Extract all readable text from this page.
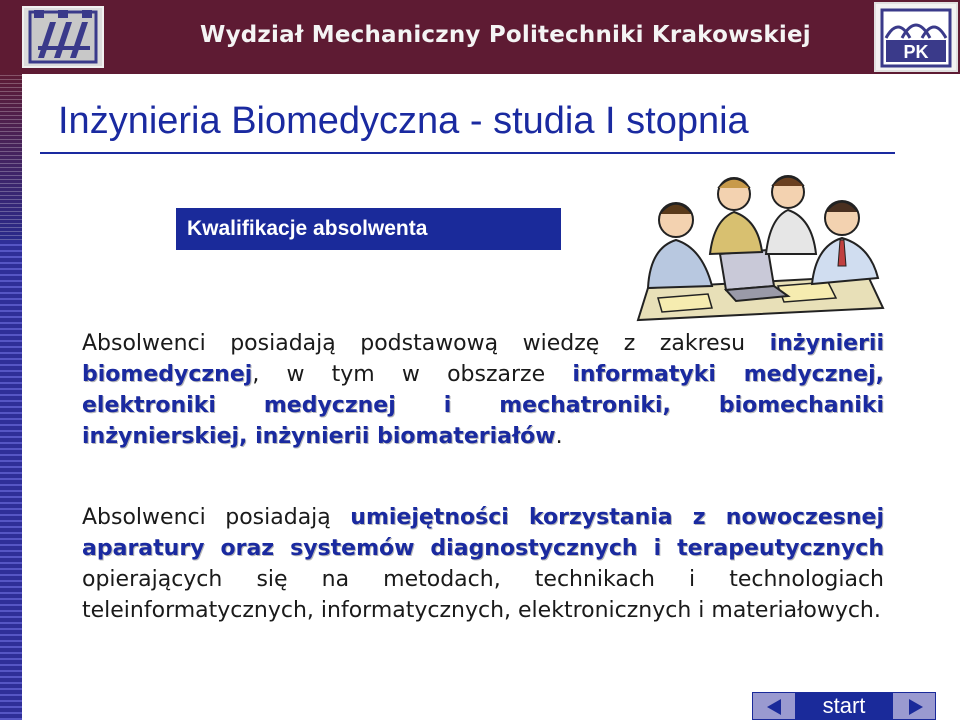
Wydział Mechaniczny Politechniki Krakowskiej
PK
Inżynieria Biomedyczna - studia I stopnia
Kwalifikacje absolwenta
Absolwenci posiadają podstawową wiedzę z zakresu inżynierii biomedycznej, w tym w obszarze informatyki medycznej, elektroniki medycznej i mechatroniki, biomechaniki inżynierskiej, inżynierii biomateriałów.
Absolwenci posiadają umiejętności korzystania z nowoczesnej aparatury oraz systemów diagnostycznych i terapeutycznych opierających się na metodach, technikach i technologiach teleinformatycznych, informatycznych, elektronicznych i materiałowych.
start
